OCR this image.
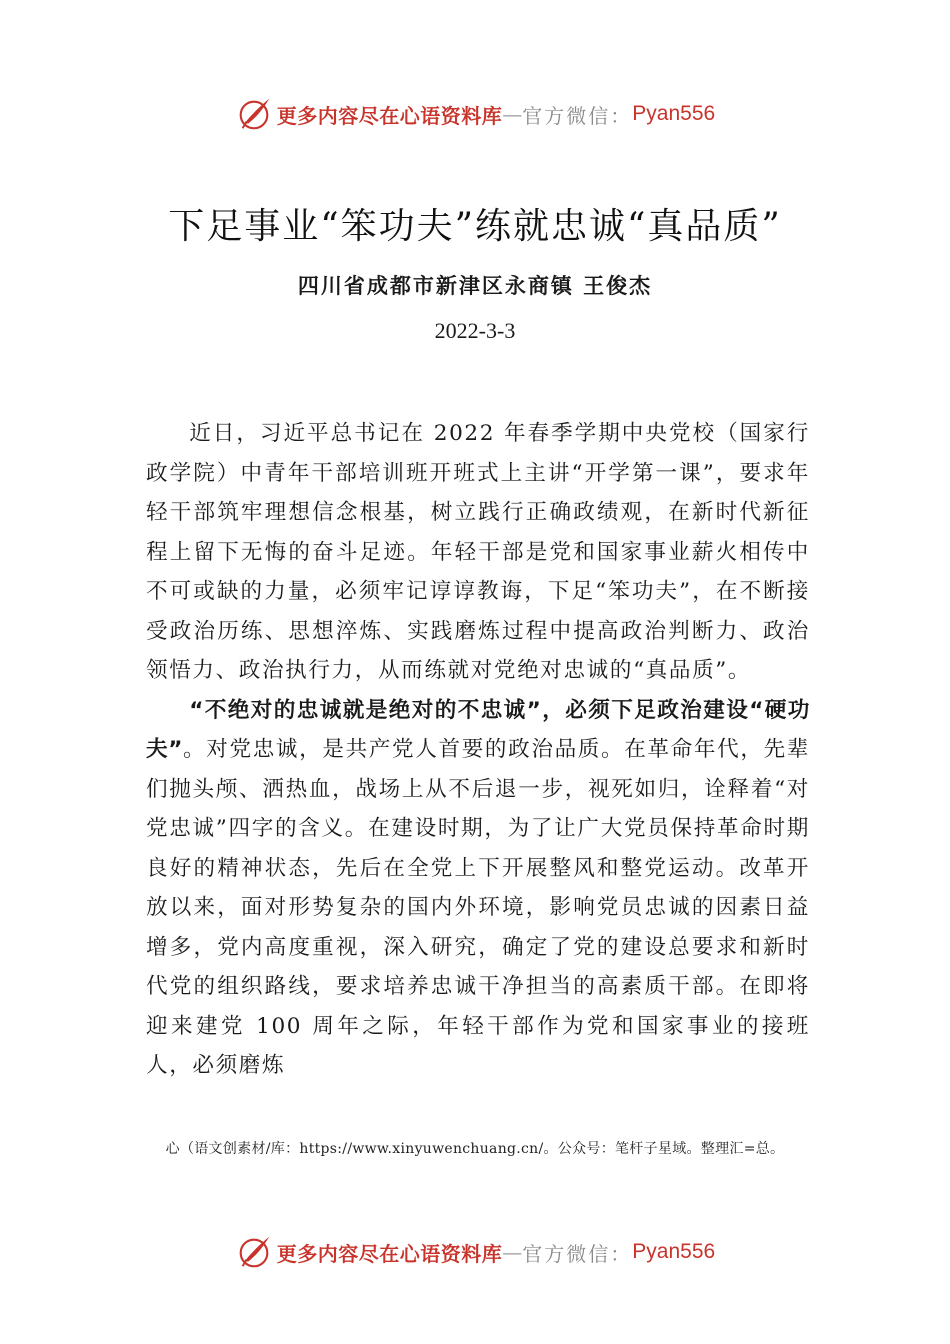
更多内容尽在心语资料库 — 官方微信： Pyan556
下足事业“笨功夫”练就忠诚“真品质”
四川省成都市新津区永商镇 王俊杰
2022-3-3

近日，习近平总书记在 2022 年春季学期中央党校（国家行政学院）中青年干部培训班开班式上主讲“开学第一课”，要求年轻干部筑牢理想信念根基，树立践行正确政绩观，在新时代新征程上留下无悔的奋斗足迹。年轻干部是党和国家事业薪火相传中不可或缺的力量，必须牢记谆谆教诲，下足“笨功夫”，在不断接受政治历练、思想淬炼、实践磨炼过程中提高政治判断力、政治领悟力、政治执行力，从而练就对党绝对忠诚的“真品质”。

“不绝对的忠诚就是绝对的不忠诚”，必须下足政治建设“硬功夫”。对党忠诚，是共产党人首要的政治品质。在革命年代，先辈们抛头颅、洒热血，战场上从不后退一步，视死如归，诠释着“对党忠诚”四字的含义。在建设时期，为了让广大党员保持革命时期良好的精神状态，先后在全党上下开展整风和整党运动。改革开放以来，面对形势复杂的国内外环境，影响党员忠诚的因素日益增多，党内高度重视，深入研究，确定了党的建设总要求和新时代党的组织路线，要求培养忠诚干净担当的高素质干部。在即将迎来建党 100 周年之际，年轻干部作为党和国家事业的接班人，必须磨炼

心（语文创素材/库：https://www.xinyuwenchuang.cn/。公众号：笔杆子星域。整理汇=总。
更多内容尽在心语资料库 — 官方微信： Pyan556
